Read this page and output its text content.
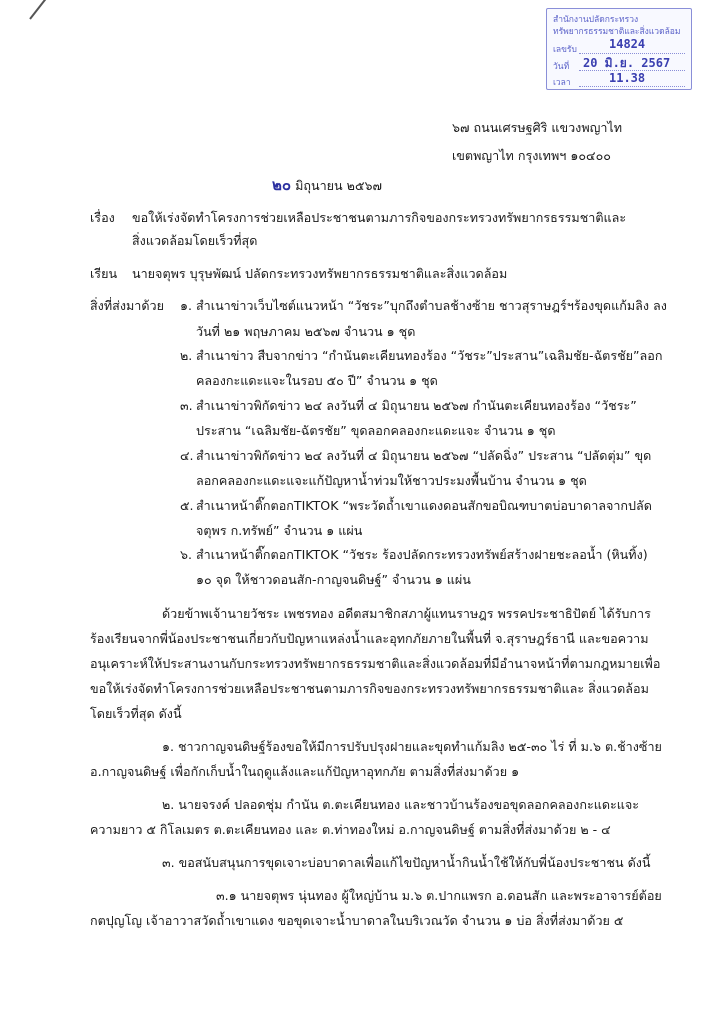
สำนักงานปลัดกระทรวง
ทรัพยากรธรรมชาติและสิ่งแวดล้อม
เลขรับ	14824
วันที่ 20 มิ.ย. 2567
เวลา	11.38
๖๗ ถนนเศรษฐศิริ แขวงพญาไท
เขตพญาไท กรุงเทพฯ ๑๐๔๐๐
๒๐ มิถุนายน ๒๕๖๗
เรื่อง ขอให้เร่งจัดทำโครงการช่วยเหลือประชาชนตามภารกิจของกระทรวงทรัพยากรธรรมชาติและ
สิ่งแวดล้อมโดยเร็วที่สุด
เรียน นายจตุพร บุรุษพัฒน์ ปลัดกระทรวงทรัพยากรธรรมชาติและสิ่งแวดล้อม
สิ่งที่ส่งมาด้วย ๑. สำเนาข่าวเว็บไซต์แนวหน้า “วัชระ”บุกถึงตำบลช้างซ้าย ชาวสุราษฎร์ฯร้องขุดแก้มลิง ลง
วันที่ ๒๑ พฤษภาคม ๒๕๖๗ จำนวน ๑ ชุด
๒. สำเนาข่าว สืบจากข่าว “กำนันตะเคียนทองร้อง “วัชระ”ประสาน”เฉลิมชัย-ฉัตรชัย”ลอก
คลองกะแดะแจะในรอบ ๕๐ ปี” จำนวน ๑ ชุด
๓. สำเนาข่าวพิกัดข่าว ๒๔ ลงวันที่ ๔ มิถุนายน ๒๕๖๗ กำนันตะเคียนทองร้อง “วัชระ”
ประสาน “เฉลิมชัย-ฉัตรชัย” ขุดลอกคลองกะแดะแจะ จำนวน ๑ ชุด
๔. สำเนาข่าวพิกัดข่าว ๒๔ ลงวันที่ ๔ มิถุนายน ๒๕๖๗ “ปลัดฉิ่ง” ประสาน “ปลัดตุ่ม” ขุด
ลอกคลองกะแดะแจะแก้ปัญหาน้ำท่วมให้ชาวประมงพื้นบ้าน จำนวน ๑ ชุด
๕. สำเนาหน้าติ๊กตอกTIKTOK “พระวัดถ้ำเขาแดงดอนสักขอบิณฑบาตบ่อบาดาลจากปลัด
จตุพร ก.ทรัพย์” จำนวน ๑ แผ่น
๖. สำเนาหน้าติ๊กตอกTIKTOK “วัชระ ร้องปลัดกระทรวงทรัพย์สร้างฝายชะลอน้ำ (หินทิ้ง)
๑๐ จุด ให้ชาวดอนสัก-กาญจนดิษฐ์” จำนวน ๑ แผ่น
ด้วยข้าพเจ้านายวัชระ เพชรทอง อดีตสมาชิกสภาผู้แทนราษฎร พรรคประชาธิปัตย์ ได้รับการ
ร้องเรียนจากพี่น้องประชาชนเกี่ยวกับปัญหาแหล่งน้ำและอุทกภัยภายในพื้นที่ จ.สุราษฎร์ธานี และขอความ
อนุเคราะห์ให้ประสานงานกับกระทรวงทรัพยากรธรรมชาติและสิ่งแวดล้อมที่มีอำนาจหน้าที่ตามกฎหมายเพื่อ
ขอให้เร่งจัดทำโครงการช่วยเหลือประชาชนตามภารกิจของกระทรวงทรัพยากรธรรมชาติและ สิ่งแวดล้อม
โดยเร็วที่สุด ดังนี้
๑. ชาวกาญจนดิษฐ์ร้องขอให้มีการปรับปรุงฝายและขุดทำแก้มลิง ๒๕-๓๐ ไร่ ที่ ม.๖ ต.ช้างซ้าย
อ.กาญจนดิษฐ์ เพื่อกักเก็บน้ำในฤดูแล้งและแก้ปัญหาอุทกภัย ตามสิ่งที่ส่งมาด้วย ๑
๒. นายจรงค์ ปลอดชุ่ม กำนัน ต.ตะเคียนทอง และชาวบ้านร้องขอขุดลอกคลองกะแดะแจะ
ความยาว ๕ กิโลเมตร ต.ตะเคียนทอง และ ต.ท่าทองใหม่ อ.กาญจนดิษฐ์ ตามสิ่งที่ส่งมาด้วย ๒ - ๔
๓. ขอสนับสนุนการขุดเจาะบ่อบาดาลเพื่อแก้ไขปัญหาน้ำกินน้ำใช้ให้กับพี่น้องประชาชน ดังนี้
๓.๑ นายจตุพร นุ่นทอง ผู้ใหญ่บ้าน ม.๖ ต.ปากแพรก อ.ดอนสัก และพระอาจารย์ต้อย
กตปุญโญ เจ้าอาวาสวัดถ้ำเขาแดง ขอขุดเจาะน้ำบาดาลในบริเวณวัด จำนวน ๑ บ่อ สิ่งที่ส่งมาด้วย ๕
